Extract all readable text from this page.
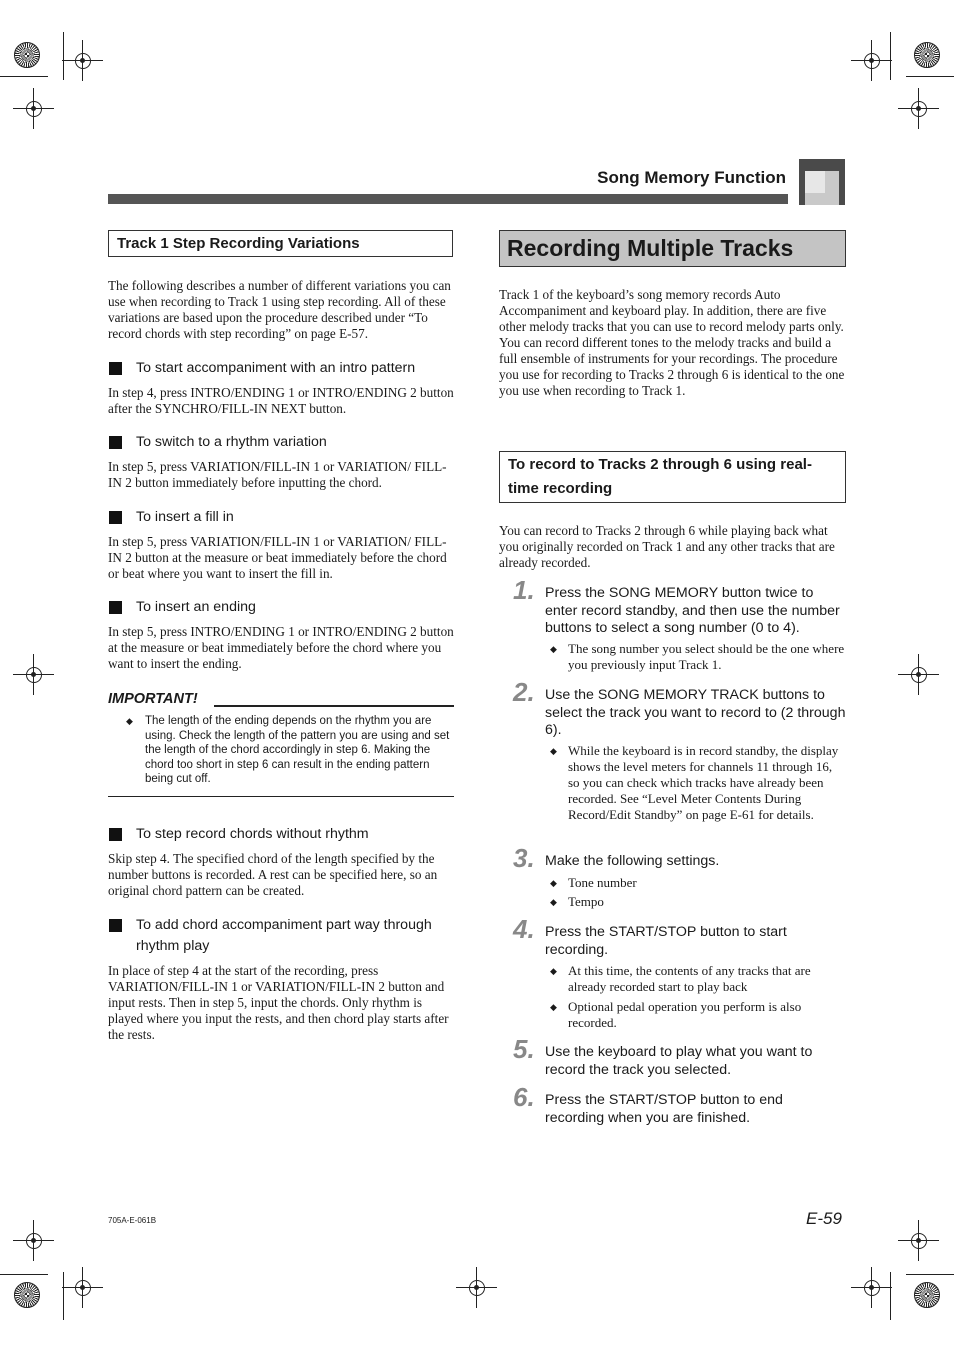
Song Memory Function
Track 1 Step Recording Variations
The following describes a number of different variations you can use when recording to Track 1 using step recording. All of these variations are based upon the procedure described under “To record chords with step recording” on page E-57.
To start accompaniment with an intro pattern
In step 4, press INTRO/ENDING 1 or INTRO/ENDING 2 button after the SYNCHRO/FILL-IN NEXT button.
To switch to a rhythm variation
In step 5, press VARIATION/FILL-IN 1 or VARIATION/ FILL-IN 2 button immediately before inputting the chord.
To insert a fill in
In step 5, press VARIATION/FILL-IN 1 or VARIATION/ FILL-IN 2 button at the measure or beat immediately before the chord or beat where you want to insert the fill in.
To insert an ending
In step 5, press INTRO/ENDING 1 or INTRO/ENDING 2 button at the measure or beat immediately before the chord where you want to insert the ending.
IMPORTANT!
◆ The length of the ending depends on the rhythm you are using. Check the length of the pattern you are using and set the length of the chord accordingly in step 6. Making the chord too short in step 6 can result in the ending pattern being cut off.
To step record chords without rhythm
Skip step 4. The specified chord of the length specified by the number buttons is recorded. A rest can be specified here, so an original chord pattern can be created.
To add chord accompaniment part way through rhythm play
In place of step 4 at the start of the recording, press VARIATION/FILL-IN 1 or VARIATION/FILL-IN 2 button and input rests. Then in step 5, input the chords. Only rhythm is played where you input the rests, and then chord play starts after the rests.
Recording Multiple Tracks
Track 1 of the keyboard’s song memory records Auto Accompaniment and keyboard play. In addition, there are five other melody tracks that you can use to record melody parts only. You can record different tones to the melody tracks and build a full ensemble of instruments for your recordings. The procedure you use for recording to Tracks 2 through 6 is identical to the one you use when recording to Track 1.
To record to Tracks 2 through 6 using real-time recording
You can record to Tracks 2 through 6 while playing back what you originally recorded on Track 1 and any other tracks that are already recorded.
1. Press the SONG MEMORY button twice to enter record standby, and then use the number buttons to select a song number (0 to 4).
◆ The song number you select should be the one where you previously input Track 1.
2. Use the SONG MEMORY TRACK buttons to select the track you want to record to (2 through 6).
◆ While the keyboard is in record standby, the display shows the level meters for channels 11 through 16, so you can check which tracks have already been recorded. See “Level Meter Contents During Record/Edit Standby” on page E-61 for details.
3. Make the following settings.
◆ Tone number
◆ Tempo
4. Press the START/STOP button to start recording.
◆ At this time, the contents of any tracks that are already recorded start to play back
◆ Optional pedal operation you perform is also recorded.
5. Use the keyboard to play what you want to record the track you selected.
6. Press the START/STOP button to end recording when you are finished.
705A-E-061B	E-59
